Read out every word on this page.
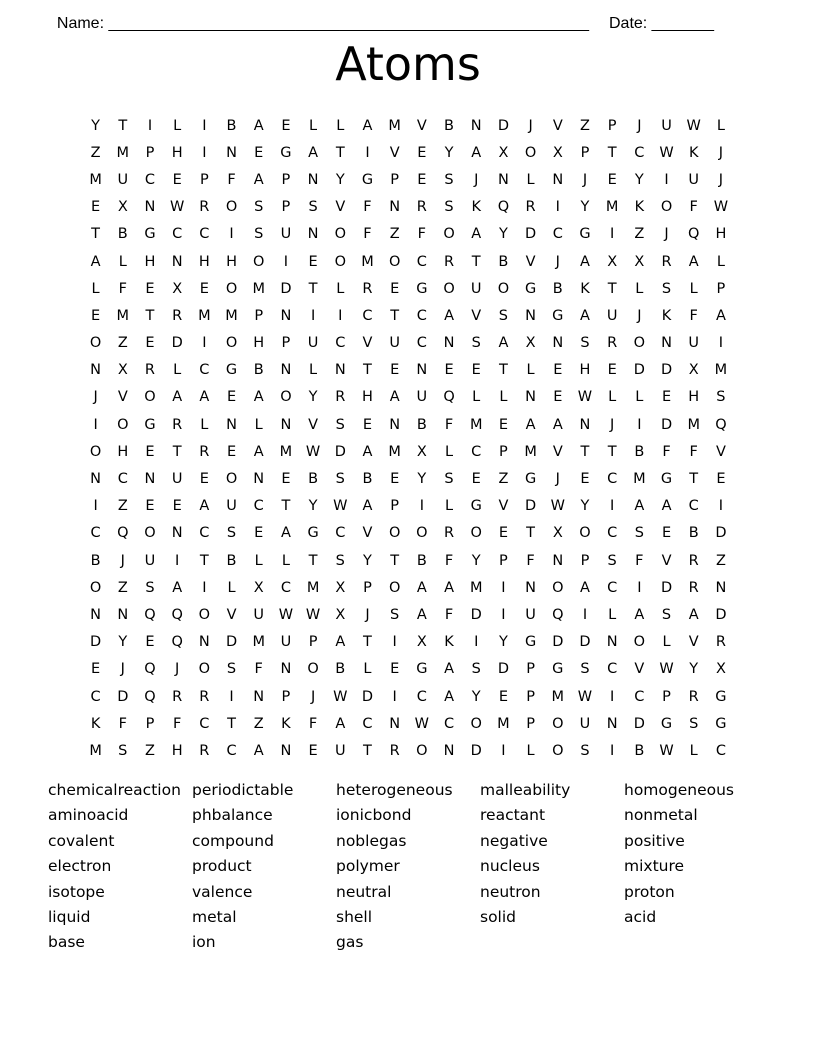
Name: ______________________________________________________ Date: _______

Atoms
Y	T	I	L	I	B	A	E	L	L	A	M	V	B	N	D	J	V	Z	P	J	U	W	L
Z	M	P	H	I	N	E	G	A	T	I	V	E	Y	A	X	O	X	P	T	C	W	K	J
M	U	C	E	P	F	A	P	N	Y	G	P	E	S	J	N	L	N	J	E	Y	I	U	J
E	X	N	W	R	O	S	P	S	V	F	N	R	S	K	Q	R	I	Y	M	K	O	F	W
T	B	G	C	C	I	S	U	N	O	F	Z	F	O	A	Y	D	C	G	I	Z	J	Q	H
A	L	H	N	H	H	O	I	E	O	M	O	C	R	T	B	V	J	A	X	X	R	A	L
L	F	E	X	E	O	M	D	T	L	R	E	G	O	U	O	G	B	K	T	L	S	L	P
E	M	T	R	M	M	P	N	I	I	C	T	C	A	V	S	N	G	A	U	J	K	F	A
O	Z	E	D	I	O	H	P	U	C	V	U	C	N	S	A	X	N	S	R	O	N	U	I
N	X	R	L	C	G	B	N	L	N	T	E	N	E	E	T	L	E	H	E	D	D	X	M
J	V	O	A	A	E	A	O	Y	R	H	A	U	Q	L	L	N	E	W	L	L	E	H	S
I	O	G	R	L	N	L	N	V	S	E	N	B	F	M	E	A	A	N	J	I	D	M	Q
O	H	E	T	R	E	A	M W D	A	M	X	L	C	P	M	V	T	T	B	F	F	V
N	C	N	U	E	O	N	E	B	S	B	E	Y	S	E	Z	G	J	E	C	M	G	T	E
I	Z	E	E	A	U	C	T	Y	W	A	P	I	L	G	V	D W	Y	I	A	A	C	I
C	Q	O	N	C	S	E	A	G	C	V	O	O	R	O	E	T	X	O	C	S	E	B	D
B	J	U	I	T	B	L	L	T	S	Y	T	B	F	Y	P	F	N	P	S	F	V	R	Z
O	Z	S	A	I	L	X	C	M	X	P	O	A	A	M	I	N	O	A	C	I	D	R	N
N	N	Q	Q	O	V	U	W W	X	J	S	A	F	D	I	U	Q	I	L	A	S	A	D
D	Y	E	Q	N	D	M	U	P	A	T	I	X	K	I	Y	G	D	D	N	O	L	V	R
E	J	Q	J	O	S	F	N	O	B	L	E	G	A	S	D	P	G	S	C	V	W	Y	X
C	D	Q	R	R	I	N	P	J	W D	I	C	A	Y	E	P	M W	I	C	P	R	G
K	F	P	F	C	T	Z	K	F	A	C	N	W	C	O	M	P	O	U	N	D	G	S	G
M	S	Z	H	R	C	A	N	E	U	T	R	O	N	D	I	L	O	S	I	B	W	L	C
chemicalreaction periodictable	heterogeneous	malleability	homogeneous
aminoacid	phbalance	ionicbond	reactant	nonmetal
covalent	compound	noblegas	negative	positive
electron	product	polymer	nucleus	mixture
isotope	valence	neutral	neutron	proton
liquid	metal	shell	solid	acid
base	ion	gas
